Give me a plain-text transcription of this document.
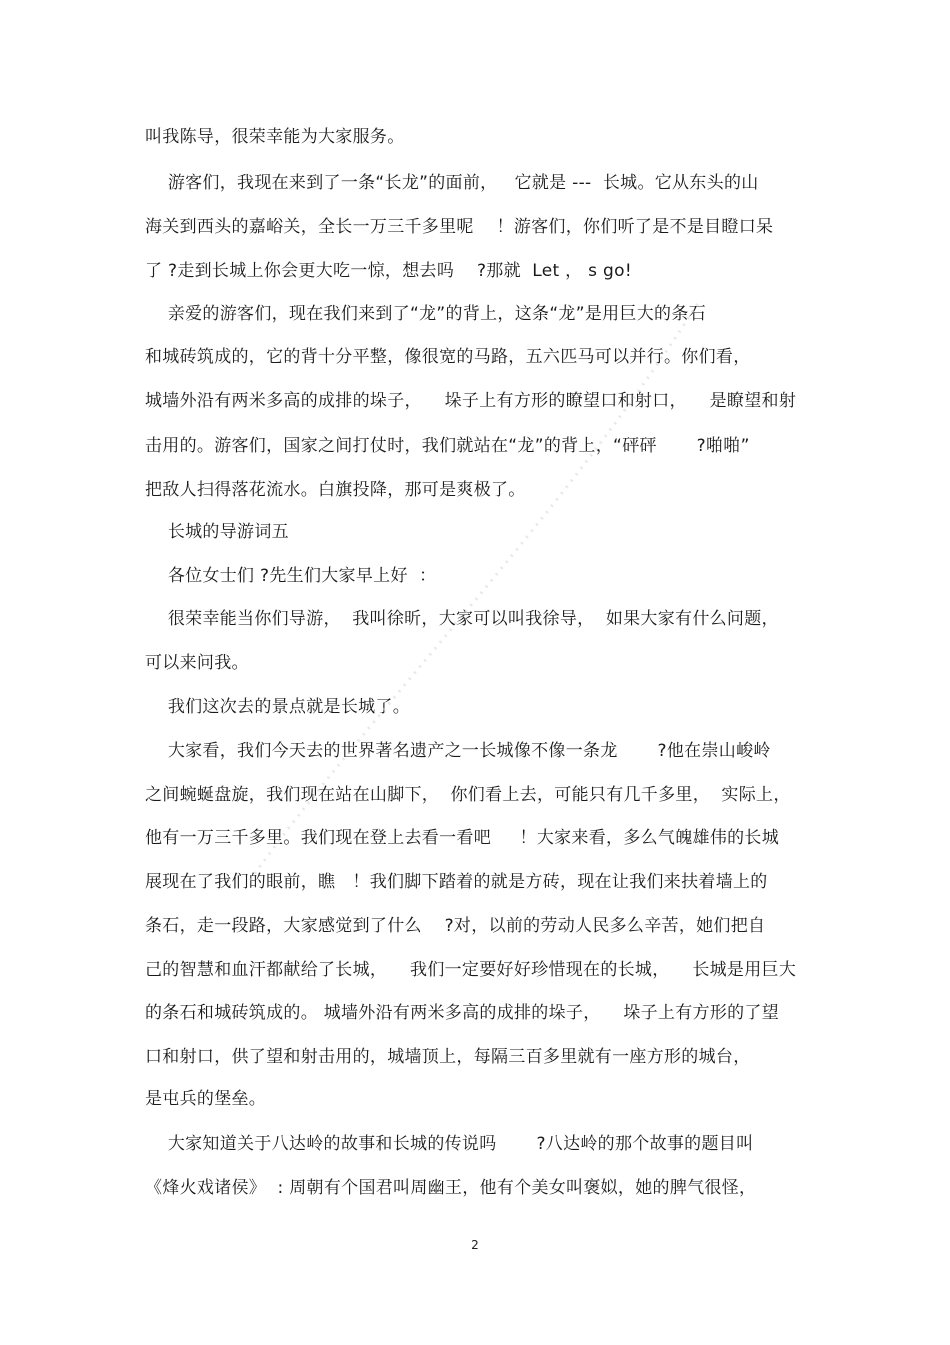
叫我陈导，很荣幸能为大家服务。
游客们，我现在来到了一条“长龙”的面前，   它就是 ---  长城。它从东头的山
海关到西头的嘉峪关，全长一万三千多里呢    ！游客们，你们听了是不是目瞪口呆
了 ?走到长城上你会更大吃一惊，想去吗    ?那就  Let ， s go!
亲爱的游客们，现在我们来到了“龙”的背上，这条“龙”是用巨大的条石
和城砖筑成的，它的背十分平整，像很宽的马路，五六匹马可以并行。你们看，
城墙外沿有两米多高的成排的垛子，    垛子上有方形的瞭望口和射口，    是瞭望和射
击用的。游客们，国家之间打仗时，我们就站在“龙”的背上，“砰砰       ?啪啪”
把敌人扫得落花流水。白旗投降，那可是爽极了。
长城的导游词五
各位女士们 ?先生们大家早上好  ：
很荣幸能当你们导游，  我叫徐昕，大家可以叫我徐导，  如果大家有什么问题，
可以来问我。
我们这次去的景点就是长城了。
大家看，我们今天去的世界著名遗产之一长城像不像一条龙       ?他在崇山峻岭
之间蜿蜒盘旋，我们现在站在山脚下，  你们看上去，可能只有几千多里，  实际上，
他有一万三千多里。我们现在登上去看一看吧     ！大家来看，多么气魄雄伟的长城
展现在了我们的眼前，瞧   ！我们脚下踏着的就是方砖，现在让我们来扶着墙上的
条石，走一段路，大家感觉到了什么    ?对，以前的劳动人民多么辛苦，她们把自
己的智慧和血汗都献给了长城，    我们一定要好好珍惜现在的长城，    长城是用巨大
的条石和城砖筑成的。 城墙外沿有两米多高的成排的垛子，    垛子上有方形的了望
口和射口，供了望和射击用的，城墙顶上，每隔三百多里就有一座方形的城台，
是屯兵的堡垒。
大家知道关于八达岭的故事和长城的传说吗       ?八达岭的那个故事的题目叫
《烽火戏诸侯》  : 周朝有个国君叫周幽王，他有个美女叫褒姒，她的脾气很怪，
2
